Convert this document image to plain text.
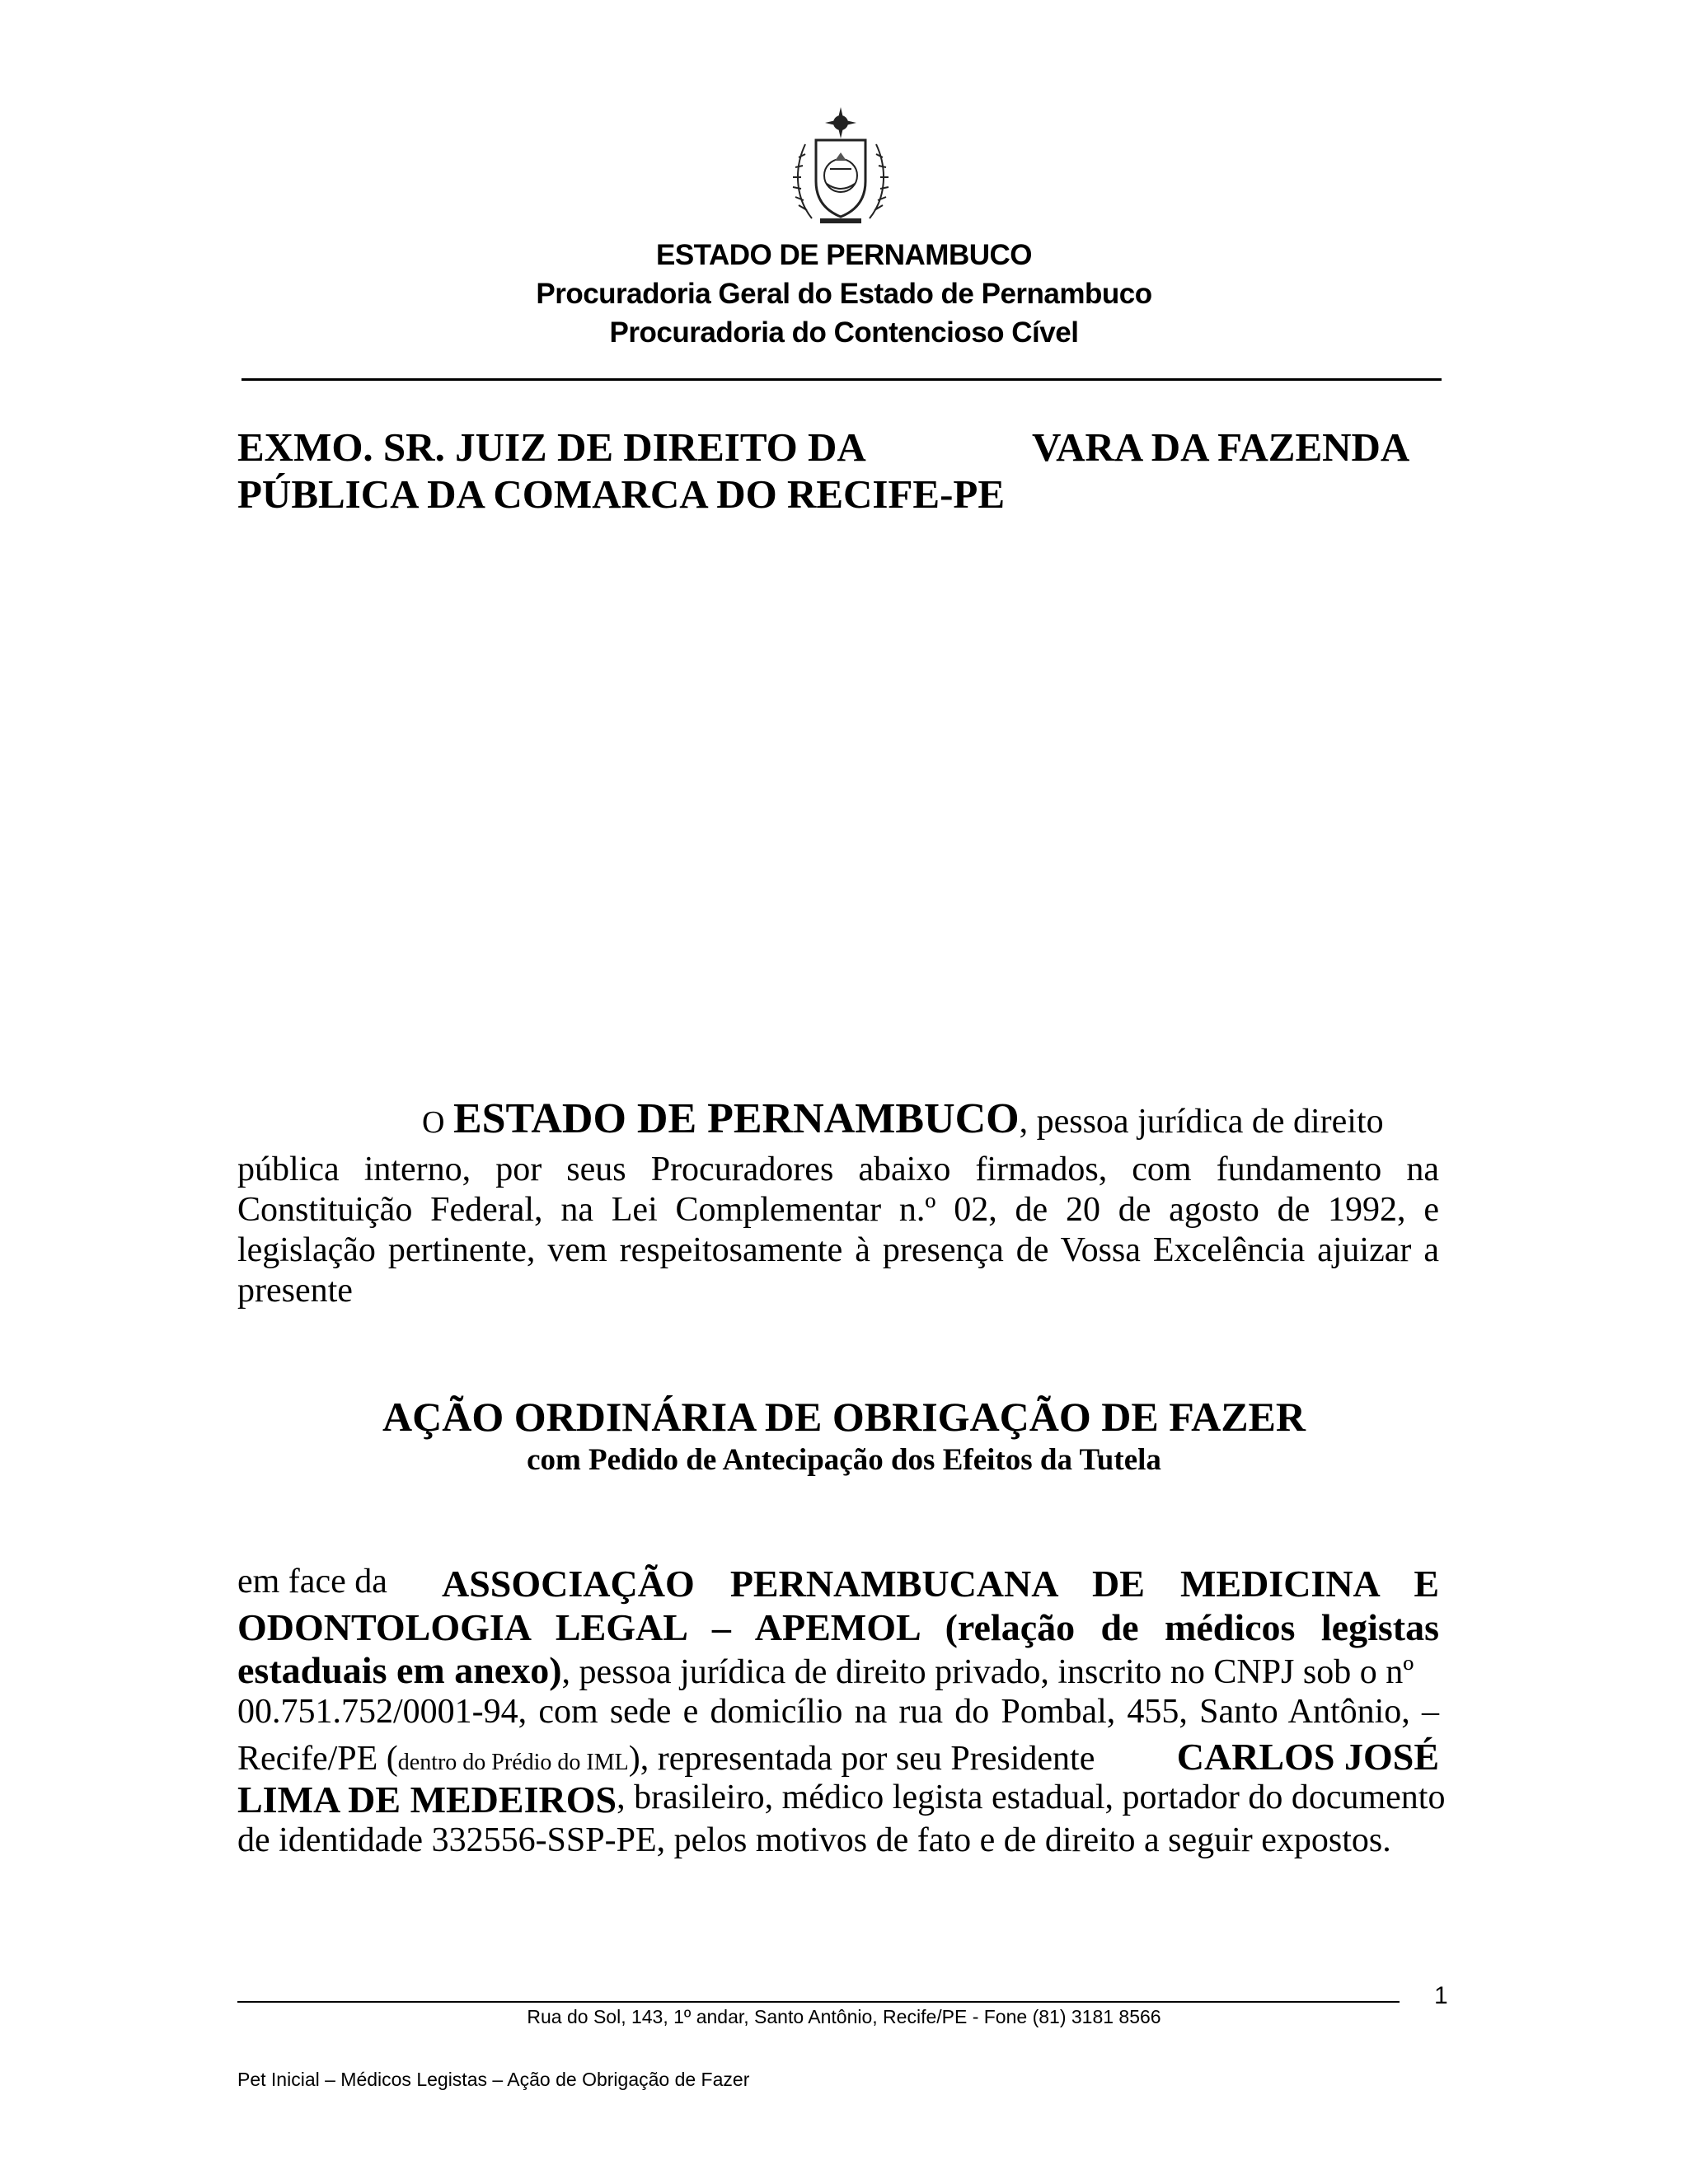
ESTADO DE PERNAMBUCO
Procuradoria Geral do Estado de Pernambuco
Procuradoria do Contencioso Cível
EXMO. SR. JUIZ DE DIREITO DA	VARA DA FAZENDA
PÚBLICA DA COMARCA DO RECIFE-PE
O ESTADO DE PERNAMBUCO, pessoa jurídica de direito
pública interno, por seus Procuradores abaixo firmados, com fundamento na
Constituição Federal, na Lei Complementar n.º 02, de 20 de agosto de 1992, e
legislação pertinente, vem respeitosamente à presença de Vossa Excelência ajuizar a
presente
AÇÃO ORDINÁRIA DE OBRIGAÇÃO DE FAZER
com Pedido de Antecipação dos Efeitos da Tutela
em face da ASSOCIAÇÃO PERNAMBUCANA DE MEDICINA E
ODONTOLOGIA LEGAL – APEMOL (relação de médicos legistas
estaduais em anexo), pessoa jurídica de direito privado, inscrito no CNPJ sob o nº
00.751.752/0001-94, com sede e domicílio na rua do Pombal, 455, Santo Antônio, –
Recife/PE (dentro do Prédio do IML), representada por seu Presidente CARLOS JOSÉ
LIMA DE MEDEIROS , brasileiro, médico legista estadual, portador do documento
de identidade 332556-SSP-PE, pelos motivos de fato e de direito a seguir expostos.
1
Rua do Sol, 143, 1º andar, Santo Antônio, Recife/PE - Fone (81) 3181 8566
Pet Inicial – Médicos Legistas – Ação de Obrigação de Fazer
